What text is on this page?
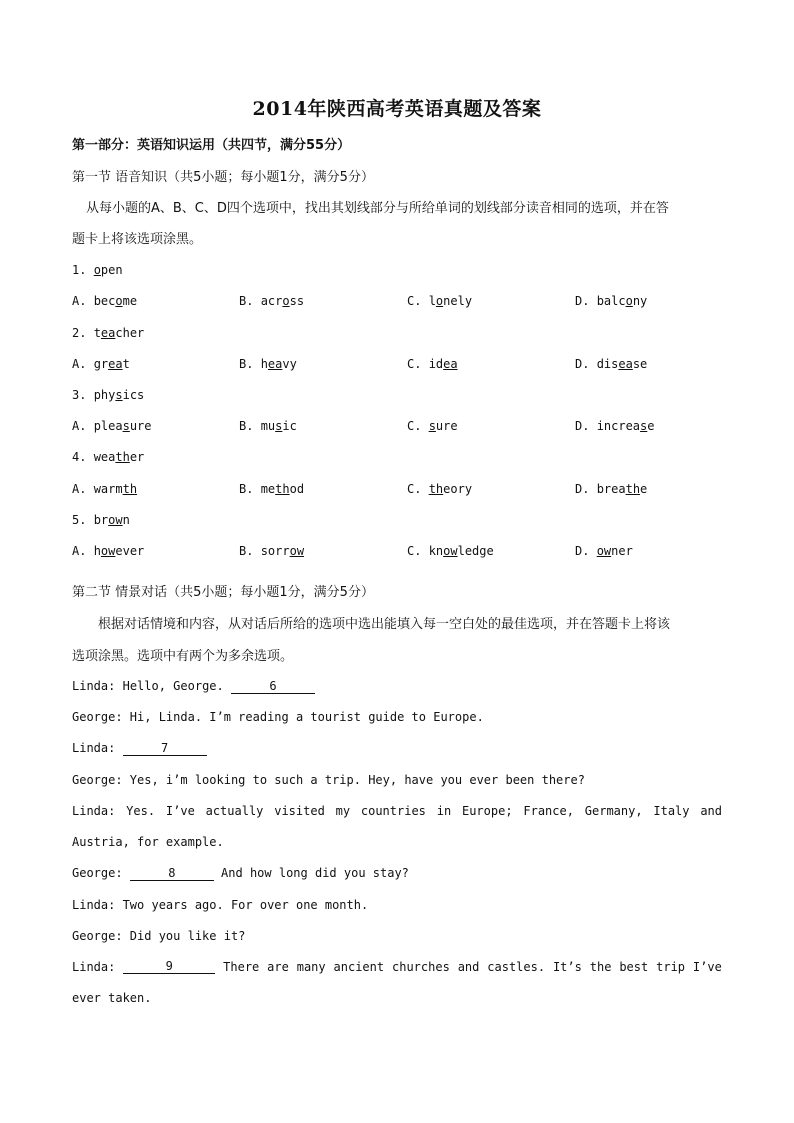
2014年陕西高考英语真题及答案
第一部分：英语知识运用（共四节，满分55分）
第一节 语音知识（共5小题；每小题1分，满分5分）
从每小题的A、B、C、D四个选项中，找出其划线部分与所给单词的划线部分读音相同的选项，并在答
题卡上将该选项涂黑。
1. open
A. become	B. across	C. lonely	D. balcony
2. teacher
A. great	B. heavy	C. idea	D. disease
3. physics
A. pleasure	B. music	C. sure	D. increase
4. weather
A. warmth	B. method	C. theory	D. breathe
5. brown
A. however	B. sorrow	C. knowledge	D. owner
第二节 情景对话（共5小题；每小题1分，满分5分）
根据对话情境和内容，从对话后所给的选项中选出能填入每一空白处的最佳选项，并在答题卡上将该
选项涂黑。选项中有两个为多余选项。
Linda: Hello, George.	6
George: Hi, Linda. I’m reading a tourist guide to Europe.
Linda:	7
George: Yes, i’m looking to such a trip. Hey, have you ever been there?
Linda: Yes. I’ve actually visited my countries in Europe; France, Germany, Italy and
Austria, for example.
George:	8	And how long did you stay?
Linda: Two years ago. For over one month.
George: Did you like it?
Linda:	9	There are many ancient churches and castles. It’s the best trip I’ve
ever taken.
